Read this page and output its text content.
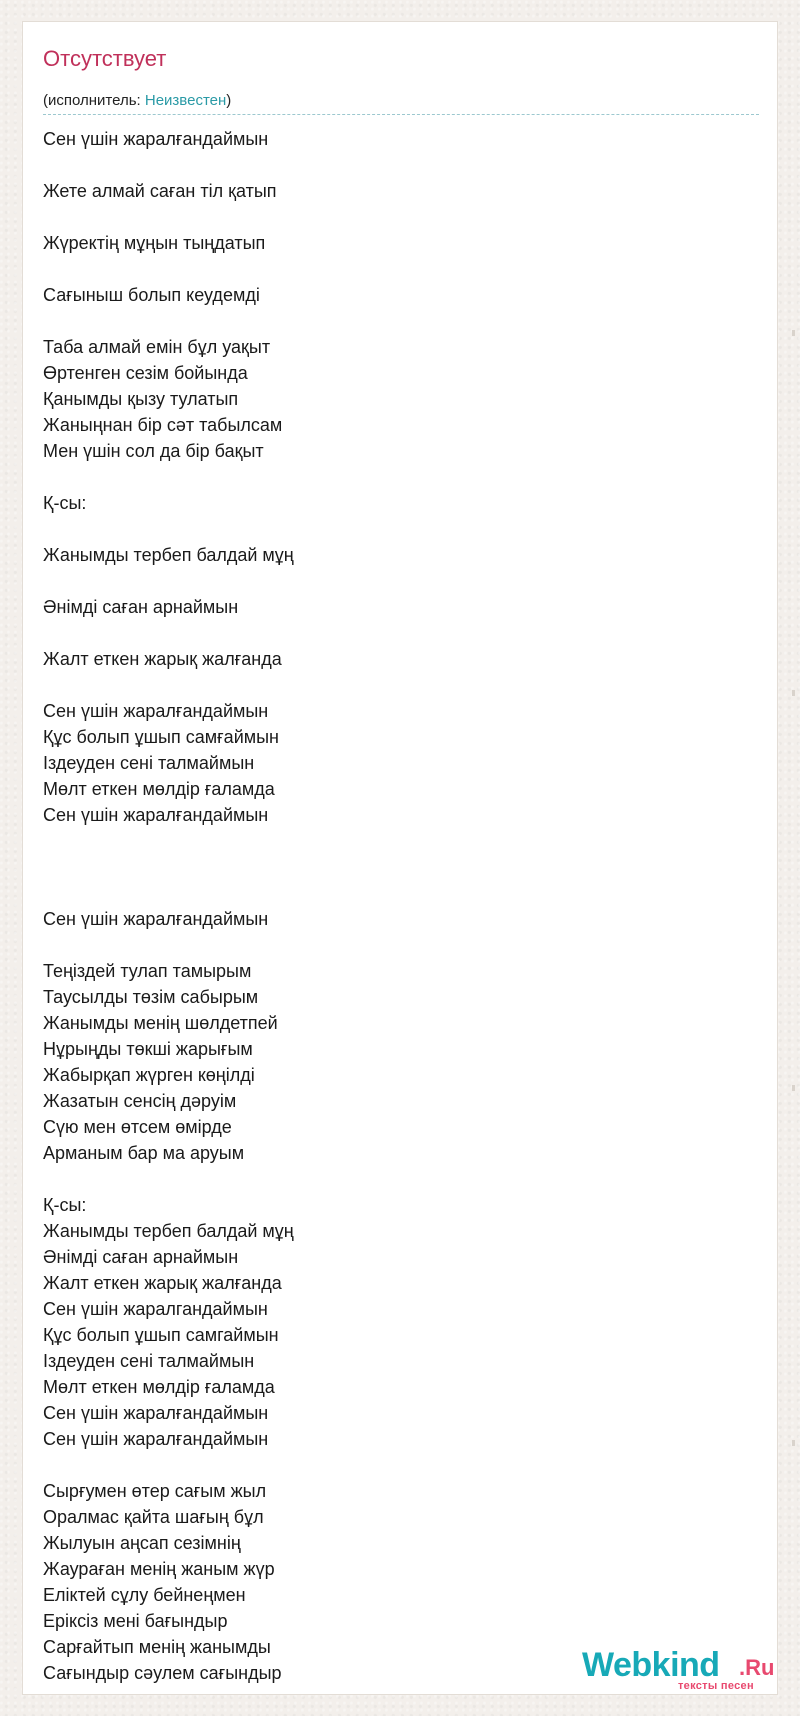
Отсутствует
(исполнитель: Неизвестен)
Сен үшін жаралғандаймын
Жете алмай саған тіл қатып
Жүректің мұңын тыңдатып
Сағыныш болып кеудемді
Таба алмай емін бұл уақыт
Өртенген сезім бойында
Қанымды қызу тулатып
Жаныңнан бір сәт табылсам
Мен үшін сол да бір бақыт
Қ-сы:
Жанымды тербеп балдай мұң
Әнімді саған арнаймын
Жалт еткен жарық жалғанда
Сен үшін жаралғандаймын
Құс болып ұшып самғаймын
Іздеуден сені талмаймын
Мөлт еткен мөлдір ғаламда
Сен үшін жаралғандаймын
Сен үшін жаралғандаймын
Теңіздей тулап тамырым
Таусылды төзім сабырым
Жанымды менің шөлдетпей
Нұрыңды төкші жарығым
Жабырқап жүрген көңілді
Жазатын сенсің дәруім
Сүю мен өтсем өмірде
Арманым бар ма аруым
Қ-сы:
Жанымды тербеп балдай мұң
Әнімді саған арнаймын
Жалт еткен жарық жалғанда
Сен үшін жаралгандаймын
Құс болып ұшып самгаймын
Іздеуден сені талмаймын
Мөлт еткен мөлдір ғаламда
Сен үшін жаралғандаймын
Сен үшін жаралғандаймын
Сырғумен өтер сағым жыл
Оралмас қайта шағың бұл
Жылуын аңсап сезімнің
Жаураған менің жаным жүр
Еліктей сұлу бейнеңмен
Еріксіз мені бағындыр
Сарғайтып менің жанымды
Сағындыр сәулем сағындыр	Webkind .Ru
тексты песен
